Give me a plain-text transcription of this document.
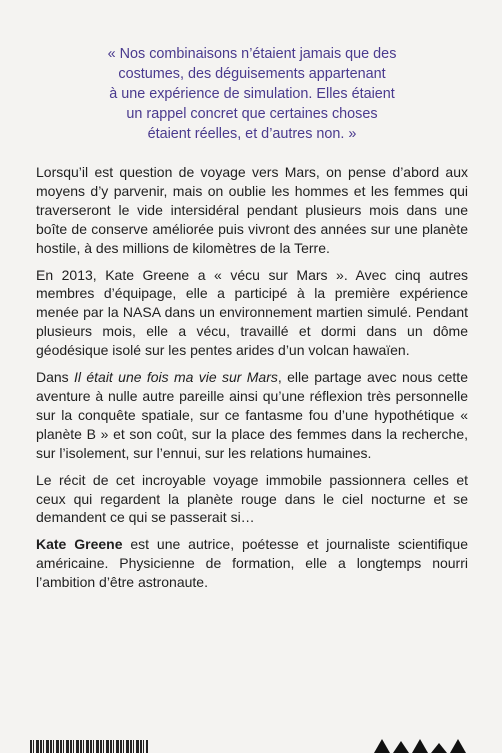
« Nos combinaisons n’étaient jamais que des
costumes, des déguisements appartenant
à une expérience de simulation. Elles étaient
un rappel concret que certaines choses
étaient réelles, et d’autres non. »

Lorsqu’il est question de voyage vers Mars, on pense d’abord aux moyens d’y parvenir, mais on oublie les hommes et les femmes qui traverseront le vide intersidéral pendant plusieurs mois dans une boîte de conserve améliorée puis vivront des années sur une planète hostile, à des millions de kilomètres de la Terre.

En 2013, Kate Greene a « vécu sur Mars ». Avec cinq autres membres d’équipage, elle a participé à la première expérience menée par la NASA dans un environnement martien simulé. Pendant plusieurs mois, elle a vécu, travaillé et dormi dans un dôme géodésique isolé sur les pentes arides d’un volcan hawaïen.

Dans Il était une fois ma vie sur Mars, elle partage avec nous cette aventure à nulle autre pareille ainsi qu’une réflexion très personnelle sur la conquête spatiale, sur ce fantasme fou d’une hypothétique « planète B » et son coût, sur la place des femmes dans la recherche, sur l’isolement, sur l’ennui, sur les relations humaines.

Le récit de cet incroyable voyage immobile passionnera celles et ceux qui regardent la planète rouge dans le ciel nocturne et se demandent ce qui se passerait si…

Kate Greene est une autrice, poétesse et journaliste scientifique américaine. Physicienne de formation, elle a longtemps nourri l’ambition d’être astronaute.
